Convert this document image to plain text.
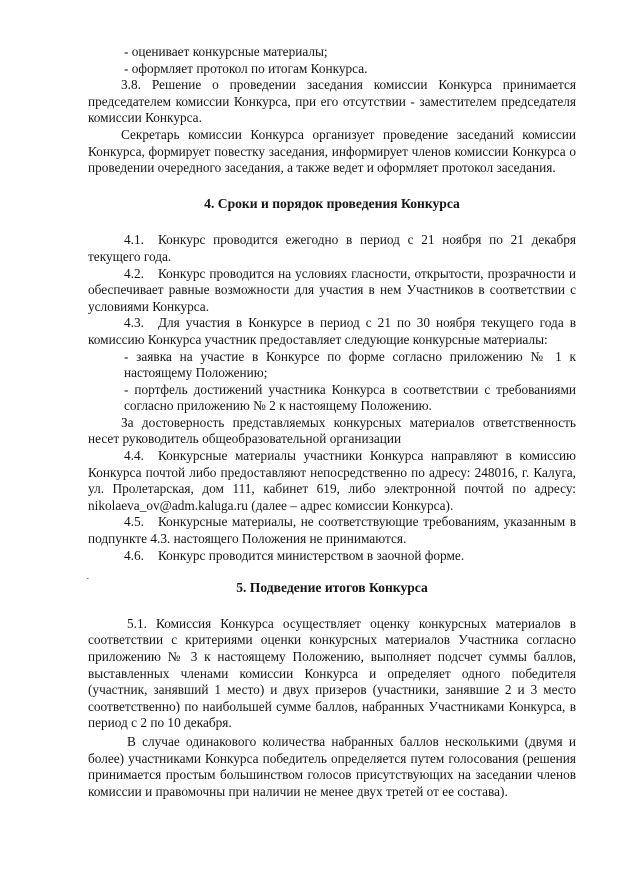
·

- оценивает конкурсные материалы;

- оформляет протокол по итогам Конкурса.

3.8. Решение о проведении заседания комиссии Конкурса принимается председателем комиссии Конкурса, при его отсутствии - заместителем председателя комиссии Конкурса.

Секретарь комиссии Конкурса организует проведение заседаний комиссии Конкурса, формирует повестку заседания, информирует членов комиссии Конкурса о проведении очередного заседания, а также ведет и оформляет протокол заседания.

4. Сроки и порядок проведения Конкурса

4.1. Конкурс проводится ежегодно в период с 21 ноября по 21 декабря текущего года.

4.2. Конкурс проводится на условиях гласности, открытости, прозрачности и обеспечивает равные возможности для участия в нем Участников в соответствии с условиями Конкурса.

4.3. Для участия в Конкурсе в период с 21 по 30 ноября текущего года в комиссию Конкурса участник предоставляет следующие конкурсные материалы:

- заявка на участие в Конкурсе по форме согласно приложению № 1 к настоящему Положению;

- портфель достижений участника Конкурса в соответствии с требованиями согласно приложению № 2 к настоящему Положению.

За достоверность представляемых конкурсных материалов ответственность несет руководитель общеобразовательной организации

4.4. Конкурсные материалы участники Конкурса направляют в комиссию Конкурса почтой либо предоставляют непосредственно по адресу: 248016, г. Калуга, ул. Пролетарская, дом 111, кабинет 619, либо электронной почтой по адресу: nikolaeva_ov@adm.kaluga.ru (далее – адрес комиссии Конкурса).

4.5. Конкурсные материалы, не соответствующие требованиям, указанным в подпункте 4.3. настоящего Положения не принимаются.

4.6. Конкурс проводится министерством в заочной форме.

5. Подведение итогов Конкурса

5.1. Комиссия Конкурса осуществляет оценку конкурсных материалов в соответствии с критериями оценки конкурсных материалов Участника согласно приложению № 3 к настоящему Положению, выполняет подсчет суммы баллов, выставленных членами комиссии Конкурса и определяет одного победителя (участник, занявший 1 место) и двух призеров (участники, занявшие 2 и 3 место соответственно) по наибольшей сумме баллов, набранных Участниками Конкурса, в период с 2 по 10 декабря.

В случае одинакового количества набранных баллов несколькими (двумя и более) участниками Конкурса победитель определяется путем голосования (решения принимается простым большинством голосов присутствующих на заседании членов комиссии и правомочны при наличии не менее двух третей от ее состава).
